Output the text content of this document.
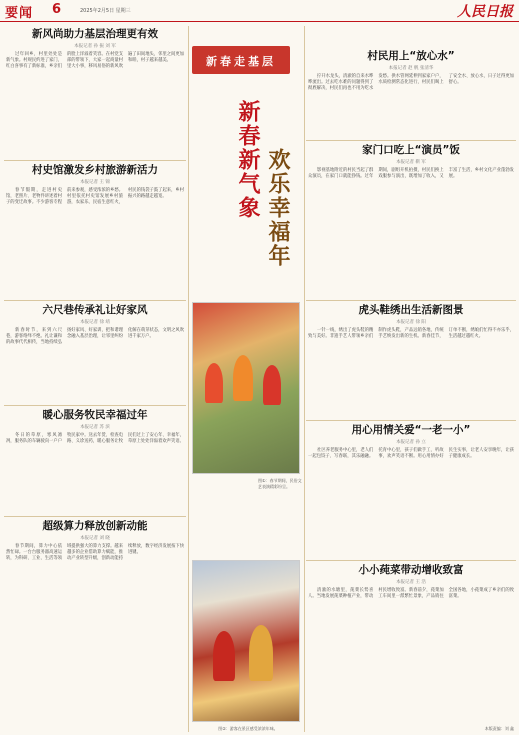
要闻 6	2025年2月5日 星期三	人民日报
新春走基层
新春新气象 欢乐幸福年
图①：春节期间，民俗文艺表演精彩纷呈。
图②：游客在景区感受浓浓年味。
新风尚助力基层治理更有效
本报记者 孙 振 刘 军
过年回乡，村里处处是新气象。村规民约进了家门，红白喜事有了新标准，乡亲们的脸上洋溢着笑容。在村党支部的带领下，大家一起商量村里大小事，移风易俗的新风吹遍了田间地头，邻里之间更加和睦，村子越来越美。
村史馆激发乡村旅游新活力
本报记者 王 锦
春节假期，走进村史馆，老照片、老物件讲述着村子的变迁故事。不少游客专程前来参观，感受浓浓的乡愁。村里依托村史馆发展乡村旅游，农家乐、民宿生意红火，村民的钱袋子鼓了起来，乡村振兴的路越走越宽。
六尺巷传承礼让好家风
本报记者 徐 靖
新春时节，来到六尺巷，游客络绎不绝。礼让谦和的故事代代相传，当地持续弘扬好家风、好家训，把和谐理念融入基层治理，让邻里纠纷化解在萌芽状态，文明之风吹进千家万户。
暖心服务牧民幸福过年
本报记者 苏 滨
冬日的草原，寒风凛冽，服务队的车辆驶向一户户牧民家中。送去年货、检查电路、义诊送药，暖心服务让牧民们过上了安心年、幸福年，草原上处处洋溢着欢声笑语。
超级算力释放创新动能
本报记者 刘 晓
春节期间，算力中心依然忙碌。一台台服务器高速运转，为科研、工业、生活等领域提供强大的算力支撑。越来越多的企业借助算力赋能，推动产业转型升级，创新动能持续释放，数字经济发展按下快进键。
村民用上“放心水”
本报记者 赵 帆 张清华
拧开水龙头，清澈的自来水哗哗流出。过去吃水难的问题得到了彻底解决，村民们再也不用为吃水发愁。供水管网延伸到家家户户，水质检测常态化进行，村民们喝上了安全水、放心水，日子过得更加舒心。
家门口吃上“演员”饭
本报记者 靳 军
影视基地附近的村民当起了群众演员，在家门口就能挣钱。过年期间，剧组开机拍摄，村民们换上戏服参与演出，既增加了收入，又丰富了生活，乡村文化产业蓬勃发展。
虎头鞋绣出生活新图景
本报记者 徐 阳
一针一线，绣出了虎头鞋的精致与美好。非遗手艺人带领乡亲们制作虎头鞋，产品远销各地，传统手艺焕发出新的生机。新春佳节，订单不断，绣娘们忙得不亦乐乎，生活越过越红火。
用心用情关爱“一老一小”
本报记者 孙 立
社区养老服务中心里，老人们一起包饺子、写春联，其乐融融。托育中心里，孩子们做手工、听故事，欢声笑语不断。用心用情办好民生实事，让老人安享晚年，让孩子健康成长。
小小莼菜带动增收致富
本报记者 王 浩
清澈的水塘里，莼菜长势喜人。当地发展莼菜种植产业，带动村民增收致富。新春前夕，莼菜加工车间里一派繁忙景象，产品销往全国各地，小莼菜成了乡亲们的致富菜。
本版责编：刘 鑫
